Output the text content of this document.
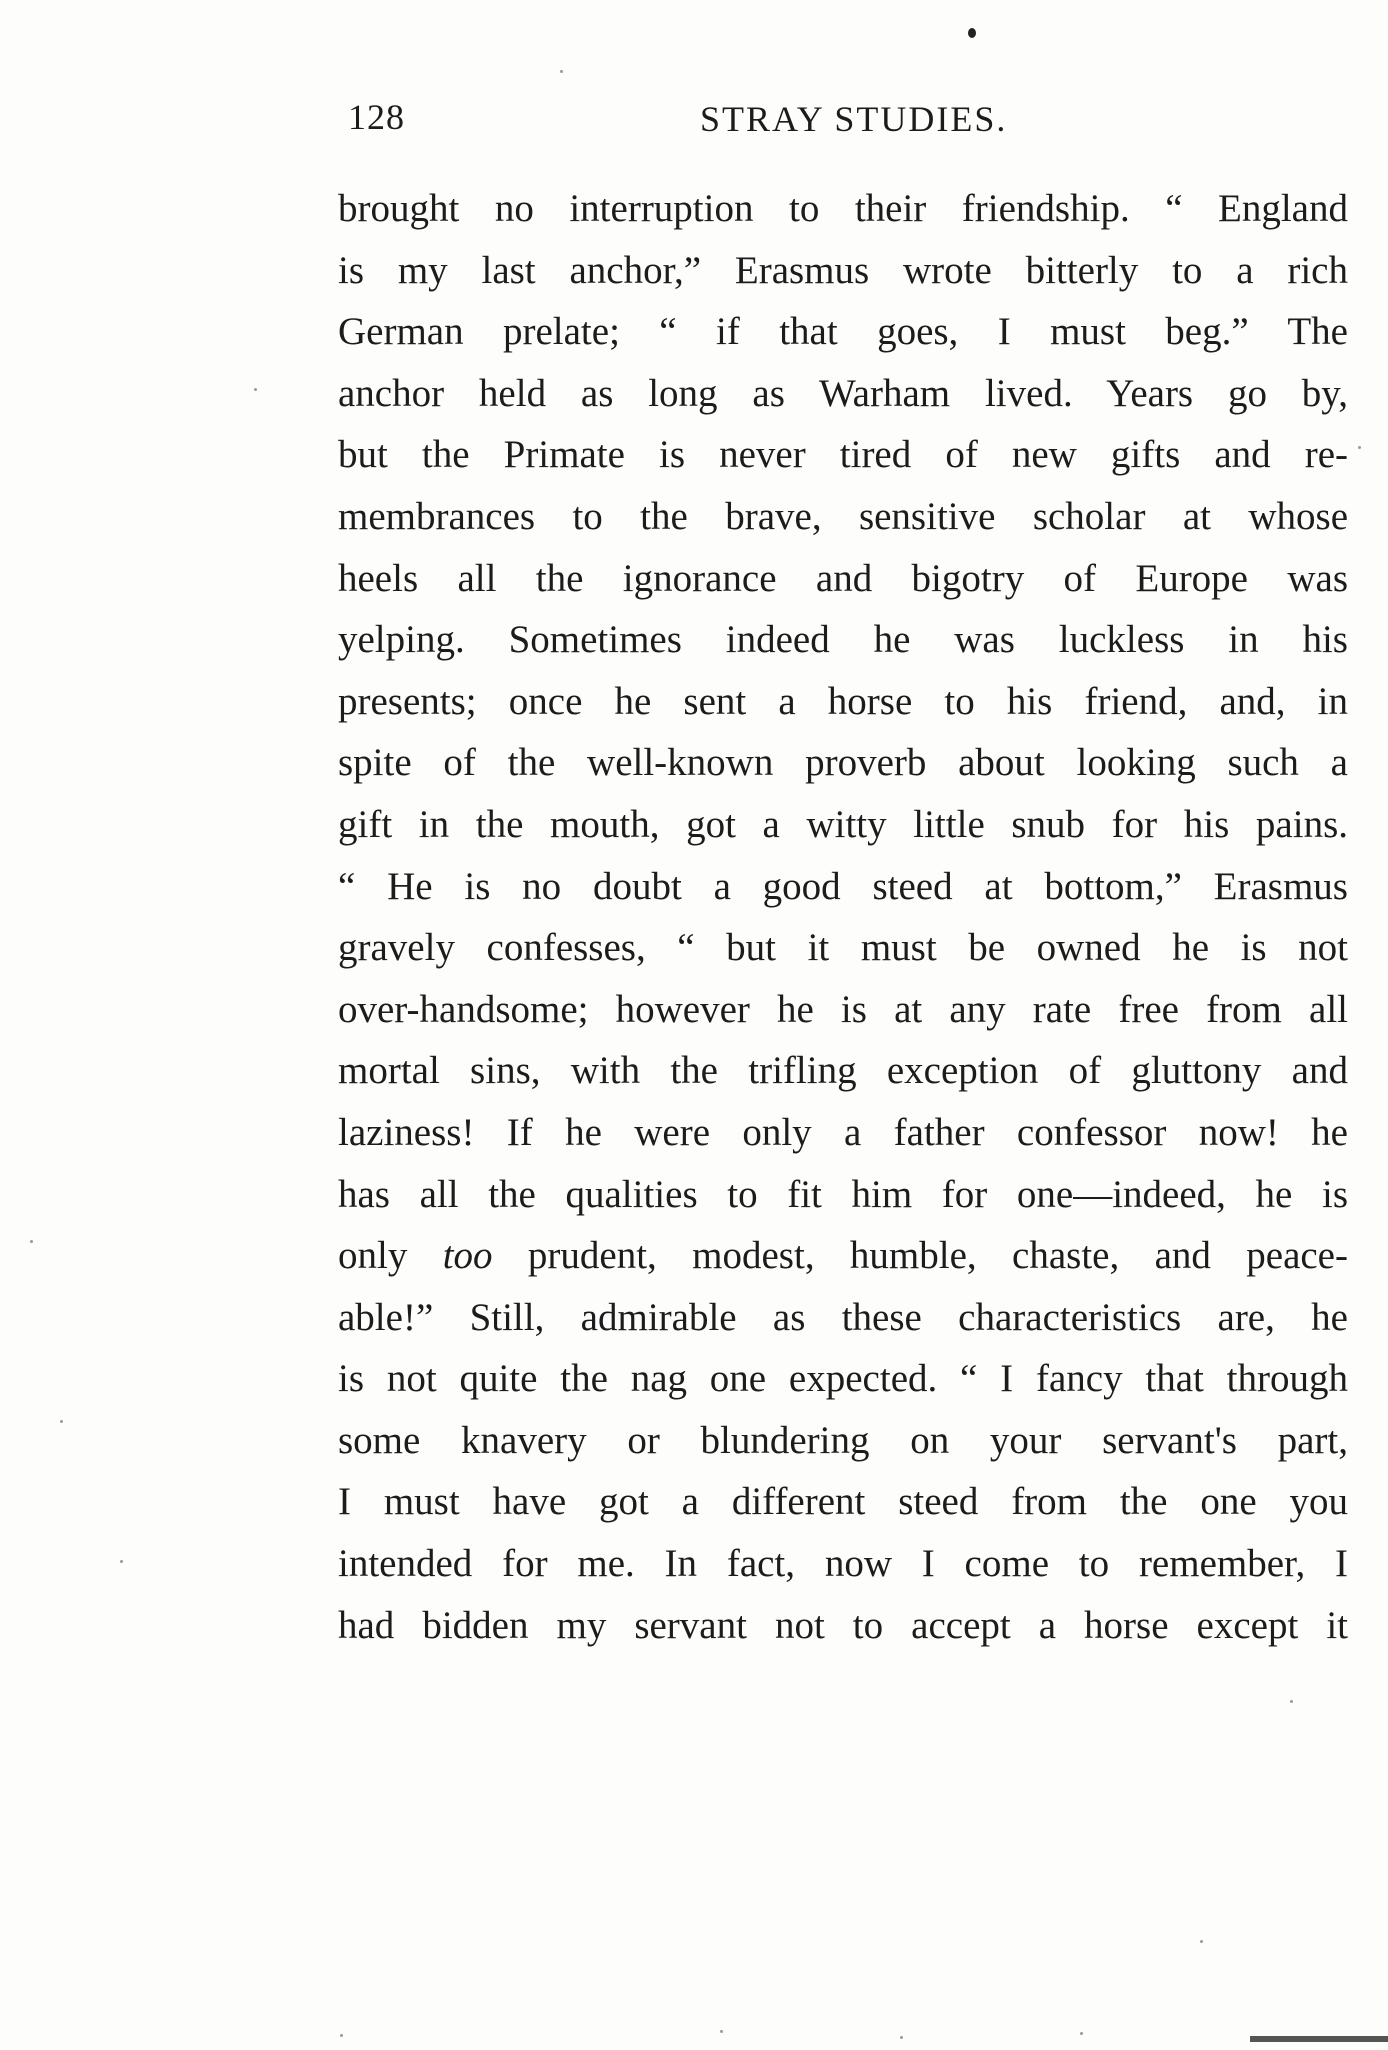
128	STRAY STUDIES.
brought no interruption to their friendship. “ England
is my last anchor,” Erasmus wrote bitterly to a rich
German prelate; “ if that goes, I must beg.” The
anchor held as long as Warham lived. Years go by,
but the Primate is never tired of new gifts and re-
membrances to the brave, sensitive scholar at whose
heels all the ignorance and bigotry of Europe was
yelping. Sometimes indeed he was luckless in his
presents; once he sent a horse to his friend, and, in
spite of the well-known proverb about looking such a
gift in the mouth, got a witty little snub for his pains.
“ He is no doubt a good steed at bottom,” Erasmus
gravely confesses, “ but it must be owned he is not
over-handsome; however he is at any rate free from all
mortal sins, with the trifling exception of gluttony and
laziness! If he were only a father confessor now! he
has all the qualities to fit him for one—indeed, he is
only too prudent, modest, humble, chaste, and peace-
able!” Still, admirable as these characteristics are, he
is not quite the nag one expected. “ I fancy that through
some knavery or blundering on your servant's part,
I must have got a different steed from the one you
intended for me. In fact, now I come to remember, I
had bidden my servant not to accept a horse except it
